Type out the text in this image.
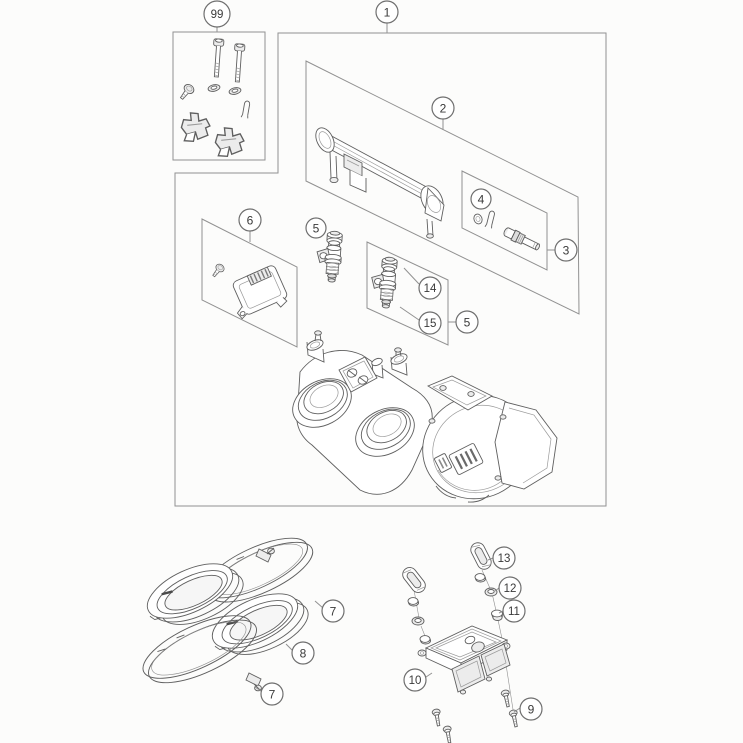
99	1
2
3
4
5
6
14
15 5
7
8
7
13
12
11
10
9
